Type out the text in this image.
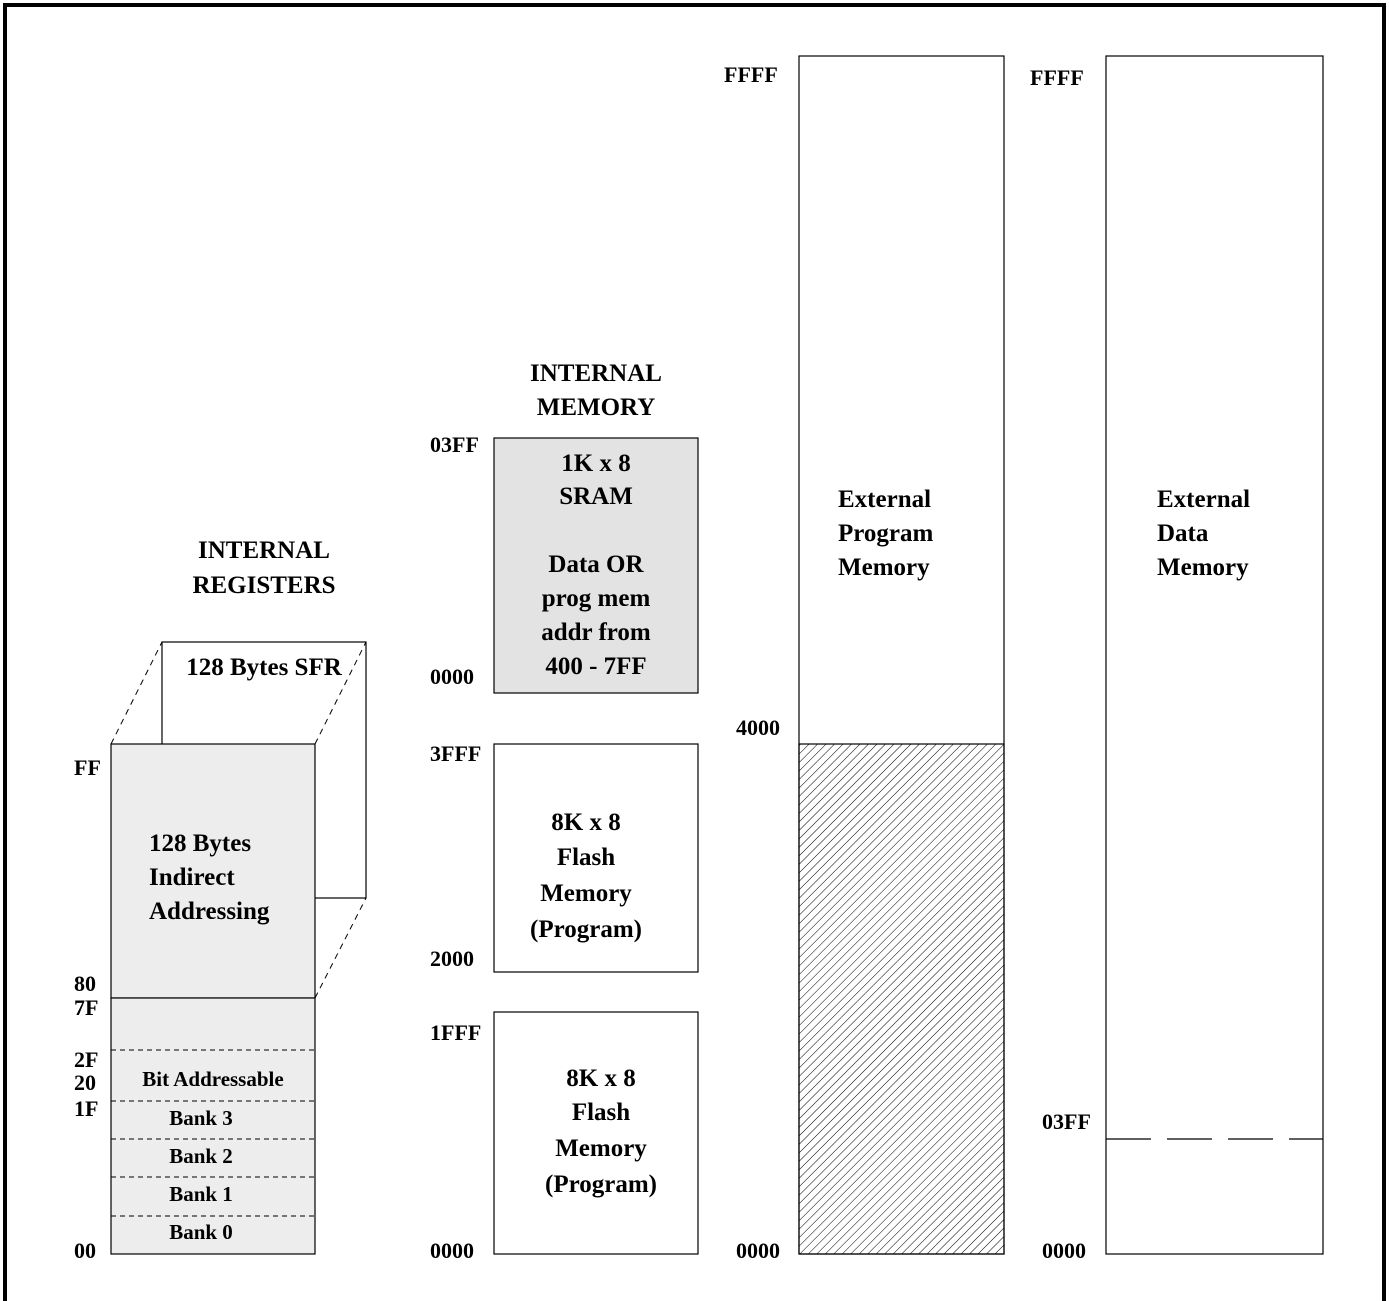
INTERNAL
REGISTERS
128 Bytes SFR
128 Bytes
Indirect
Addressing
Bit Addressable
Bank 3
Bank 2
Bank 1
Bank 0
FF
80
7F
2F
20
1F
00
INTERNAL
MEMORY
1K x 8
SRAM
Data OR
prog mem
addr from
400 - 7FF
03FF
0000
8K x 8
Flash
Memory
(Program)
3FFF
2000
8K x 8
Flash
Memory
(Program)
1FFF
0000
External
Program
Memory
FFFF
4000
0000
External
Data
Memory
FFFF
03FF
0000
